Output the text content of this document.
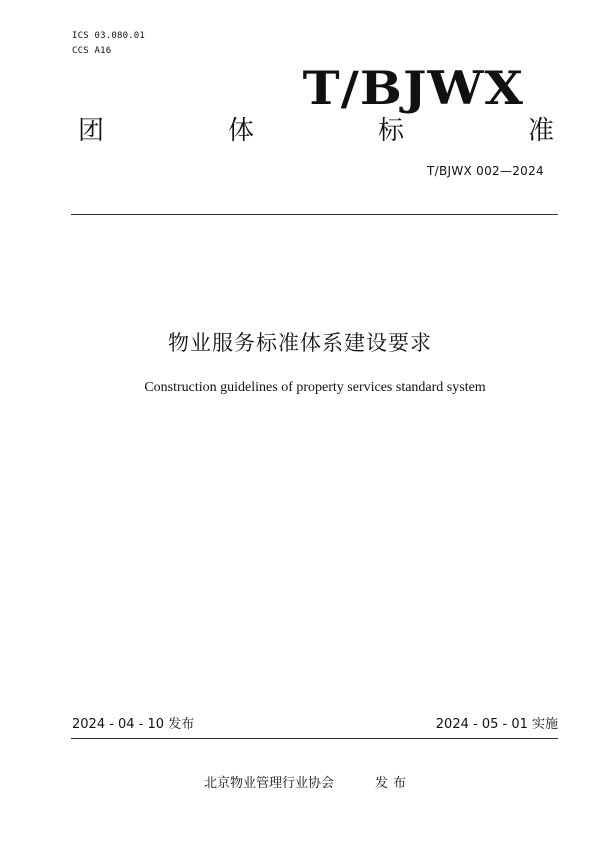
ICS 03.080.01
CCS A16
T/BJWX
团	体	标	准
T/BJWX 002—2024
物业服务标准体系建设要求
Construction guidelines of property services standard system
2024 - 04 - 10 发布	2024 - 05 - 01 实施
北京物业管理行业协会	发布
